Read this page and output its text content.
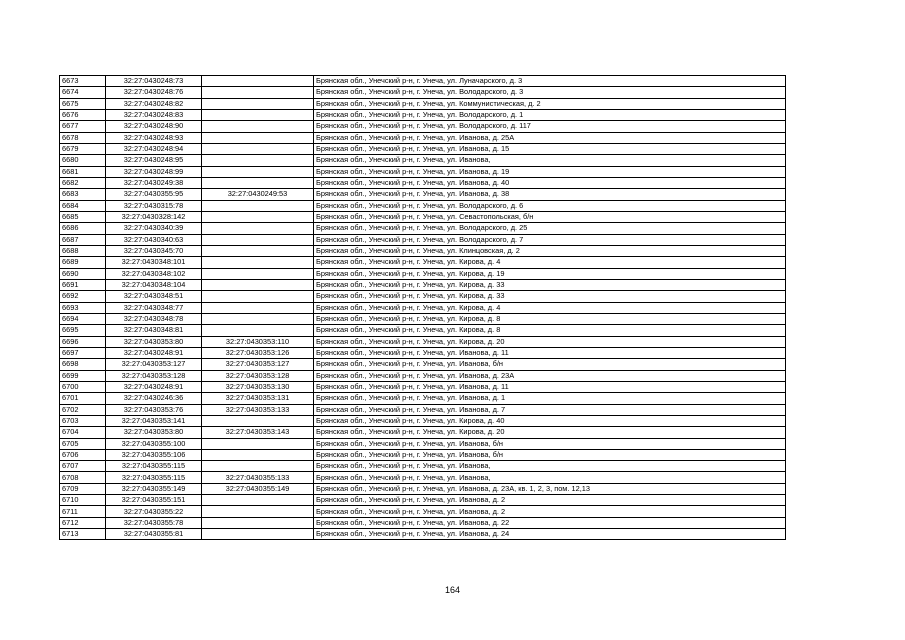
6673	32:27:0430248:73		Брянская обл., Унечский р-н, г. Унеча, ул. Луначарского, д. 3
6674	32:27:0430248:76		Брянская обл., Унечский р-н, г. Унеча, ул. Володарского, д. 3
6675	32:27:0430248:82		Брянская обл., Унечский р-н, г. Унеча, ул. Коммунистическая, д. 2
6676	32:27:0430248:83		Брянская обл., Унечский р-н, г. Унеча, ул. Володарского, д. 1
6677	32:27:0430248:90		Брянская обл., Унечский р-н, г. Унеча, ул. Володарского, д. 117
6678	32:27:0430248:93		Брянская обл., Унечский р-н, г. Унеча, ул. Иванова, д. 25А
6679	32:27:0430248:94		Брянская обл., Унечский р-н, г. Унеча, ул. Иванова, д. 15
6680	32:27:0430248:95		Брянская обл., Унечский р-н, г. Унеча, ул. Иванова,
6681	32:27:0430248:99		Брянская обл., Унечский р-н, г. Унеча, ул. Иванова, д. 19
6682	32:27:0430249:38		Брянская обл., Унечский р-н, г. Унеча, ул. Иванова, д. 40
6683	32:27:0430355:95	32:27:0430249:53	Брянская обл., Унечский р-н, г. Унеча, ул. Иванова, д. 38
6684	32:27:0430315:78		Брянская обл., Унечский р-н, г. Унеча, ул. Володарского, д. 6
6685	32:27:0430328:142		Брянская обл., Унечский р-н, г. Унеча, ул. Севастопольская, б/н
6686	32:27:0430340:39		Брянская обл., Унечский р-н, г. Унеча, ул. Володарского, д. 25
6687	32:27:0430340:63		Брянская обл., Унечский р-н, г. Унеча, ул. Володарского, д. 7
6688	32:27:0430345:70		Брянская обл., Унечский р-н, г. Унеча, ул. Клинцовская, д. 2
6689	32:27:0430348:101		Брянская обл., Унечский р-н, г. Унеча, ул. Кирова, д. 4
6690	32:27:0430348:102		Брянская обл., Унечский р-н, г. Унеча, ул. Кирова, д. 19
6691	32:27:0430348:104		Брянская обл., Унечский р-н, г. Унеча, ул. Кирова, д. 33
6692	32:27:0430348:51		Брянская обл., Унечский р-н, г. Унеча, ул. Кирова, д. 33
6693	32:27:0430348:77		Брянская обл., Унечский р-н, г. Унеча, ул. Кирова, д. 4
6694	32:27:0430348:78		Брянская обл., Унечский р-н, г. Унеча, ул. Кирова, д. 8
6695	32:27:0430348:81		Брянская обл., Унечский р-н, г. Унеча, ул. Кирова, д. 8
6696	32:27:0430353:80	32:27:0430353:110	Брянская обл., Унечский р-н, г. Унеча, ул. Кирова, д. 20
6697	32:27:0430248:91	32:27:0430353:126	Брянская обл., Унечский р-н, г. Унеча, ул. Иванова, д. 11
6698	32:27:0430353:127	32:27:0430353:127	Брянская обл., Унечский р-н, г. Унеча, ул. Иванова, б/н
6699	32:27:0430353:128	32:27:0430353:128	Брянская обл., Унечский р-н, г. Унеча, ул. Иванова, д. 23А
6700	32:27:0430248:91	32:27:0430353:130	Брянская обл., Унечский р-н, г. Унеча, ул. Иванова, д. 11
6701	32:27:0430246:36	32:27:0430353:131	Брянская обл., Унечский р-н, г. Унеча, ул. Иванова, д. 1
6702	32:27:0430353:76	32:27:0430353:133	Брянская обл., Унечский р-н, г. Унеча, ул. Иванова, д. 7
6703	32:27:0430353:141		Брянская обл., Унечский р-н, г. Унеча, ул. Кирова, д. 40
6704	32:27:0430353:80	32:27:0430353:143	Брянская обл., Унечский р-н, г. Унеча, ул. Кирова, д. 20
6705	32:27:0430355:100		Брянская обл., Унечский р-н, г. Унеча, ул. Иванова, б/н
6706	32:27:0430355:106		Брянская обл., Унечский р-н, г. Унеча, ул. Иванова, б/н
6707	32:27:0430355:115		Брянская обл., Унечский р-н, г. Унеча, ул. Иванова,
6708	32:27:0430355:115	32:27:0430355:133	Брянская обл., Унечский р-н, г. Унеча, ул. Иванова,
6709	32:27:0430355:149	32:27:0430355:149	Брянская обл., Унечский р-н, г. Унеча, ул. Иванова, д. 23А, кв. 1, 2, 3, пом. 12,13
6710	32:27:0430355:151		Брянская обл., Унечский р-н, г. Унеча, ул. Иванова, д. 2
6711	32:27:0430355:22		Брянская обл., Унечский р-н, г. Унеча, ул. Иванова, д. 2
6712	32:27:0430355:78		Брянская обл., Унечский р-н, г. Унеча, ул. Иванова, д. 22
6713	32:27:0430355:81		Брянская обл., Унечский р-н, г. Унеча, ул. Иванова, д. 24
164
